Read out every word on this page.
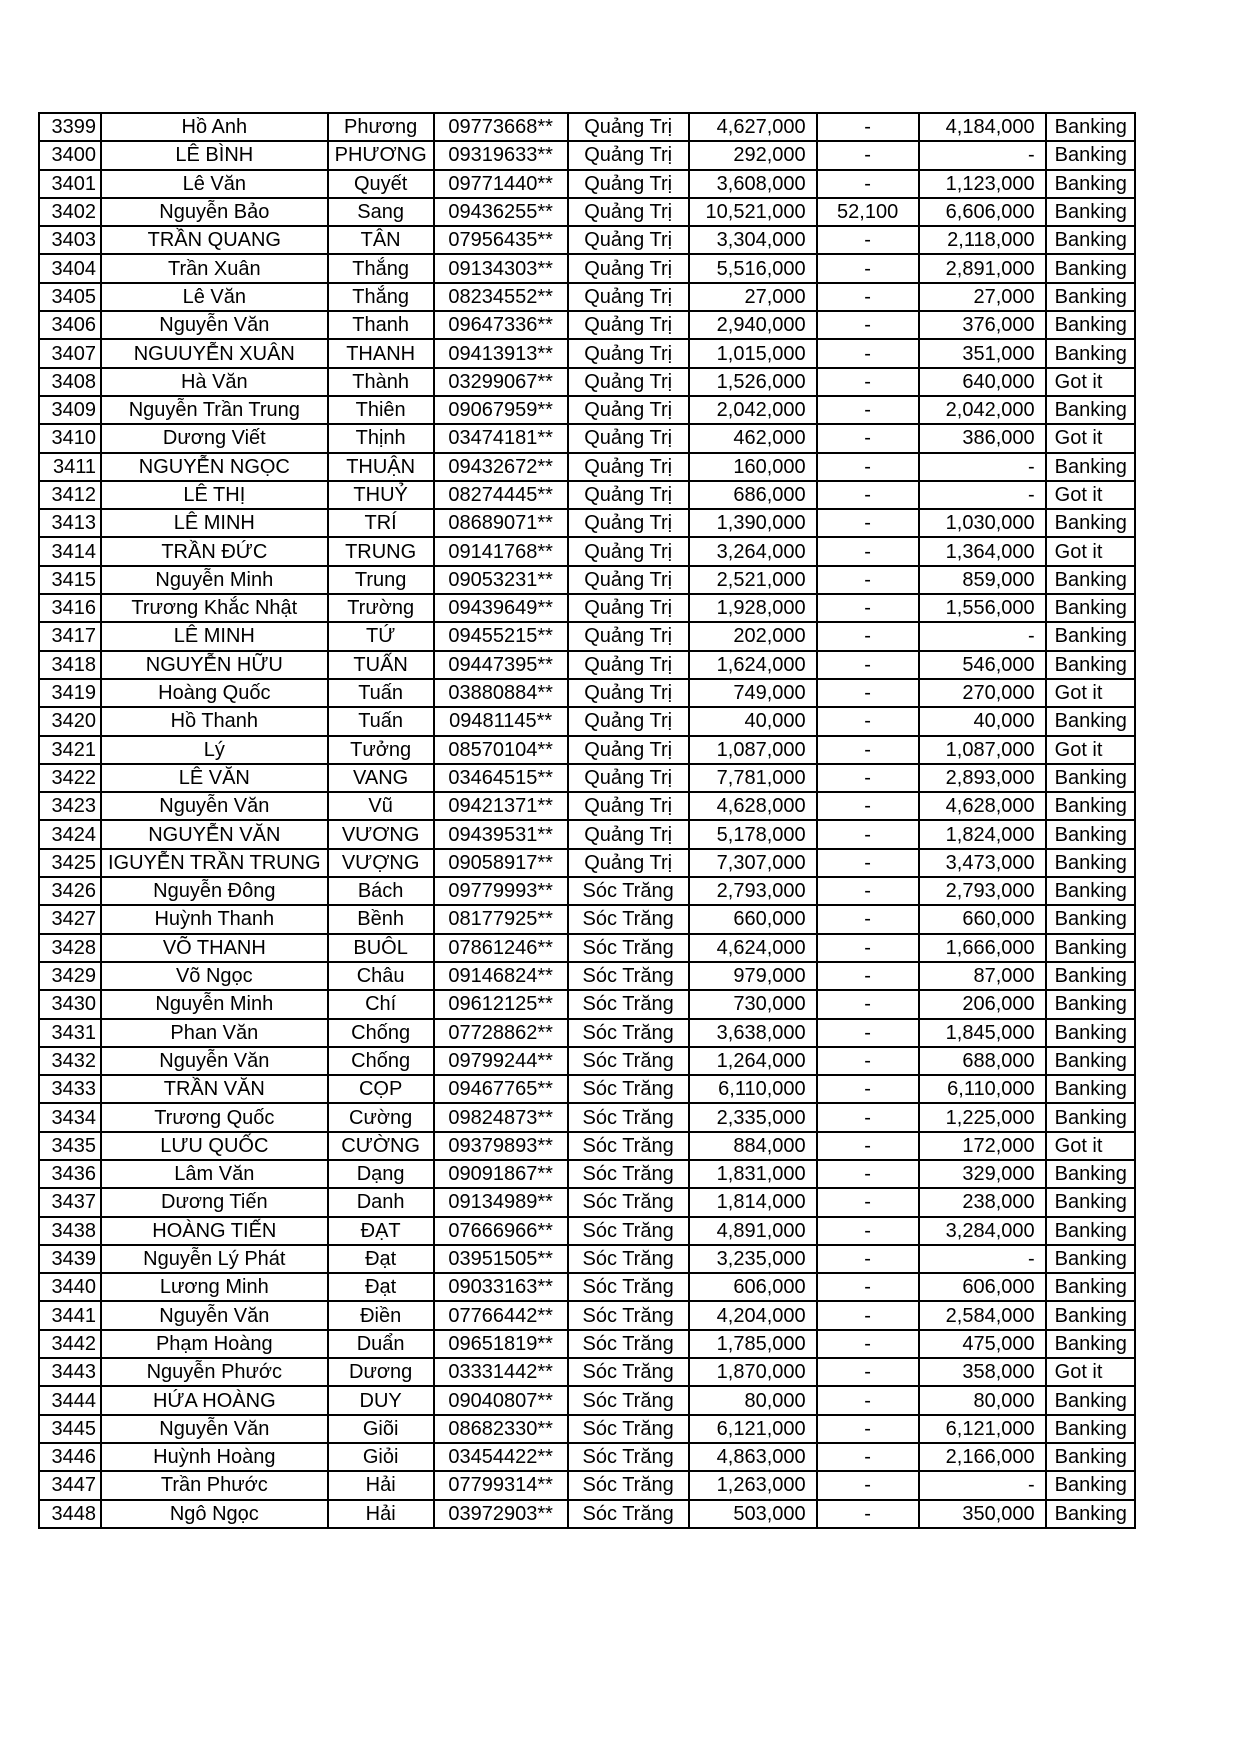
3399	Hồ Anh	Phương	09773668**	Quảng Trị	4,627,000	-	4,184,000	Banking
3400	LÊ BÌNH	PHƯƠNG	09319633**	Quảng Trị	292,000	-	-	Banking
3401	Lê Văn	Quyết	09771440**	Quảng Trị	3,608,000	-	1,123,000	Banking
3402	Nguyễn Bảo	Sang	09436255**	Quảng Trị	10,521,000	52,100	6,606,000	Banking
3403	TRẦN QUANG	TÂN	07956435**	Quảng Trị	3,304,000	-	2,118,000	Banking
3404	Trần Xuân	Thắng	09134303**	Quảng Trị	5,516,000	-	2,891,000	Banking
3405	Lê Văn	Thắng	08234552**	Quảng Trị	27,000	-	27,000	Banking
3406	Nguyễn Văn	Thanh	09647336**	Quảng Trị	2,940,000	-	376,000	Banking
3407	NGUUYỄN XUÂN	THANH	09413913**	Quảng Trị	1,015,000	-	351,000	Banking
3408	Hà Văn	Thành	03299067**	Quảng Trị	1,526,000	-	640,000	Got it
3409	Nguyễn Trần Trung	Thiên	09067959**	Quảng Trị	2,042,000	-	2,042,000	Banking
3410	Dương Viết	Thịnh	03474181**	Quảng Trị	462,000	-	386,000	Got it
3411	NGUYỄN NGỌC	THUẬN	09432672**	Quảng Trị	160,000	-	-	Banking
3412	LÊ THỊ	THUỶ	08274445**	Quảng Trị	686,000	-	-	Got it
3413	LÊ MINH	TRÍ	08689071**	Quảng Trị	1,390,000	-	1,030,000	Banking
3414	TRẦN ĐỨC	TRUNG	09141768**	Quảng Trị	3,264,000	-	1,364,000	Got it
3415	Nguyễn Minh	Trung	09053231**	Quảng Trị	2,521,000	-	859,000	Banking
3416	Trương Khắc Nhật	Trường	09439649**	Quảng Trị	1,928,000	-	1,556,000	Banking
3417	LÊ MINH	TỨ	09455215**	Quảng Trị	202,000	-	-	Banking
3418	NGUYỄN HỮU	TUẤN	09447395**	Quảng Trị	1,624,000	-	546,000	Banking
3419	Hoàng Quốc	Tuấn	03880884**	Quảng Trị	749,000	-	270,000	Got it
3420	Hồ Thanh	Tuấn	09481145**	Quảng Trị	40,000	-	40,000	Banking
3421	Lý	Tưởng	08570104**	Quảng Trị	1,087,000	-	1,087,000	Got it
3422	LÊ VĂN	VANG	03464515**	Quảng Trị	7,781,000	-	2,893,000	Banking
3423	Nguyễn Văn	Vũ	09421371**	Quảng Trị	4,628,000	-	4,628,000	Banking
3424	NGUYỄN VĂN	VƯƠNG	09439531**	Quảng Trị	5,178,000	-	1,824,000	Banking
3425	IGUYỄN TRẦN TRUNG	VƯỢNG	09058917**	Quảng Trị	7,307,000	-	3,473,000	Banking
3426	Nguyễn Đông	Bách	09779993**	Sóc Trăng	2,793,000	-	2,793,000	Banking
3427	Huỳnh Thanh	Bềnh	08177925**	Sóc Trăng	660,000	-	660,000	Banking
3428	VÕ THANH	BUÔL	07861246**	Sóc Trăng	4,624,000	-	1,666,000	Banking
3429	Võ Ngọc	Châu	09146824**	Sóc Trăng	979,000	-	87,000	Banking
3430	Nguyễn Minh	Chí	09612125**	Sóc Trăng	730,000	-	206,000	Banking
3431	Phan Văn	Chống	07728862**	Sóc Trăng	3,638,000	-	1,845,000	Banking
3432	Nguyễn Văn	Chống	09799244**	Sóc Trăng	1,264,000	-	688,000	Banking
3433	TRẦN VĂN	CỌP	09467765**	Sóc Trăng	6,110,000	-	6,110,000	Banking
3434	Trương Quốc	Cường	09824873**	Sóc Trăng	2,335,000	-	1,225,000	Banking
3435	LƯU QUỐC	CƯỜNG	09379893**	Sóc Trăng	884,000	-	172,000	Got it
3436	Lâm Văn	Dạng	09091867**	Sóc Trăng	1,831,000	-	329,000	Banking
3437	Dương Tiến	Danh	09134989**	Sóc Trăng	1,814,000	-	238,000	Banking
3438	HOÀNG TIẾN	ĐẠT	07666966**	Sóc Trăng	4,891,000	-	3,284,000	Banking
3439	Nguyễn Lý Phát	Đạt	03951505**	Sóc Trăng	3,235,000	-	-	Banking
3440	Lương Minh	Đạt	09033163**	Sóc Trăng	606,000	-	606,000	Banking
3441	Nguyễn Văn	Điền	07766442**	Sóc Trăng	4,204,000	-	2,584,000	Banking
3442	Phạm Hoàng	Duẩn	09651819**	Sóc Trăng	1,785,000	-	475,000	Banking
3443	Nguyễn Phước	Dương	03331442**	Sóc Trăng	1,870,000	-	358,000	Got it
3444	HỨA HOÀNG	DUY	09040807**	Sóc Trăng	80,000	-	80,000	Banking
3445	Nguyễn Văn	Giõi	08682330**	Sóc Trăng	6,121,000	-	6,121,000	Banking
3446	Huỳnh Hoàng	Giỏi	03454422**	Sóc Trăng	4,863,000	-	2,166,000	Banking
3447	Trần Phước	Hải	07799314**	Sóc Trăng	1,263,000	-	-	Banking
3448	Ngô Ngọc	Hải	03972903**	Sóc Trăng	503,000	-	350,000	Banking
